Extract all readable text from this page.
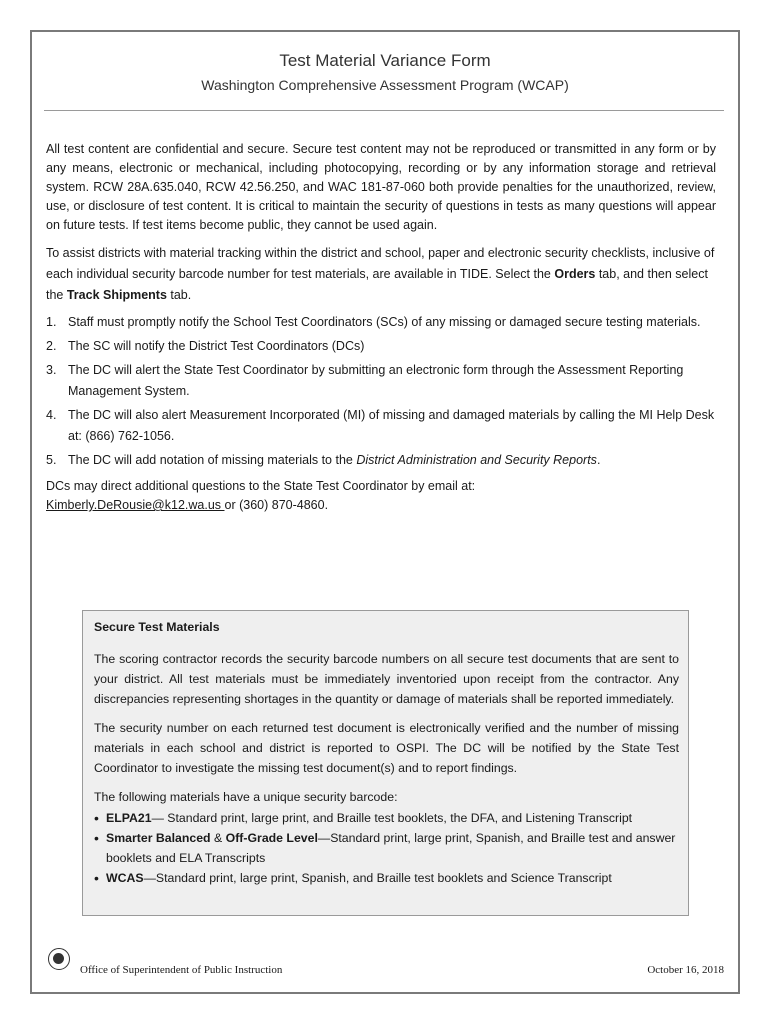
Test Material Variance Form
Washington Comprehensive Assessment Program (WCAP)

All test content are confidential and secure. Secure test content may not be reproduced or transmitted in any form or by any means, electronic or mechanical, including photocopying, recording or by any information storage and retrieval system. RCW 28A.635.040, RCW 42.56.250, and WAC 181-87-060 both provide penalties for the unauthorized, review, use, or disclosure of test content. It is critical to maintain the security of questions in tests as many questions will appear on future tests. If test items become public, they cannot be used again.

To assist districts with material tracking within the district and school, paper and electronic security checklists, inclusive of each individual security barcode number for test materials, are available in TIDE. Select the Orders tab, and then select the Track Shipments tab.

1. Staff must promptly notify the School Test Coordinators (SCs) of any missing or damaged secure testing materials.
2. The SC will notify the District Test Coordinators (DCs)
3. The DC will alert the State Test Coordinator by submitting an electronic form through the Assessment Reporting Management System.
4. The DC will also alert Measurement Incorporated (MI) of missing and damaged materials by calling the MI Help Desk at: (866) 762-1056.
5. The DC will add notation of missing materials to the District Administration and Security Reports.

DCs may direct additional questions to the State Test Coordinator by email at:
Kimberly.DeRousie@k12.wa.us or (360) 870-4860.

Secure Test Materials

The scoring contractor records the security barcode numbers on all secure test documents that are sent to your district. All test materials must be immediately inventoried upon receipt from the contractor. Any discrepancies representing shortages in the quantity or damage of materials shall be reported immediately.

The security number on each returned test document is electronically verified and the number of missing materials in each school and district is reported to OSPI. The DC will be notified by the State Test Coordinator to investigate the missing test document(s) and to report findings.

The following materials have a unique security barcode:

• ELPA21— Standard print, large print, and Braille test booklets, the DFA, and Listening Transcript
• Smarter Balanced & Off-Grade Level—Standard print, large print, Spanish, and Braille test and answer booklets and ELA Transcripts
• WCAS—Standard print, large print, Spanish, and Braille test booklets and Science Transcript
Office of Superintendent of Public Instruction	October 16, 2018
